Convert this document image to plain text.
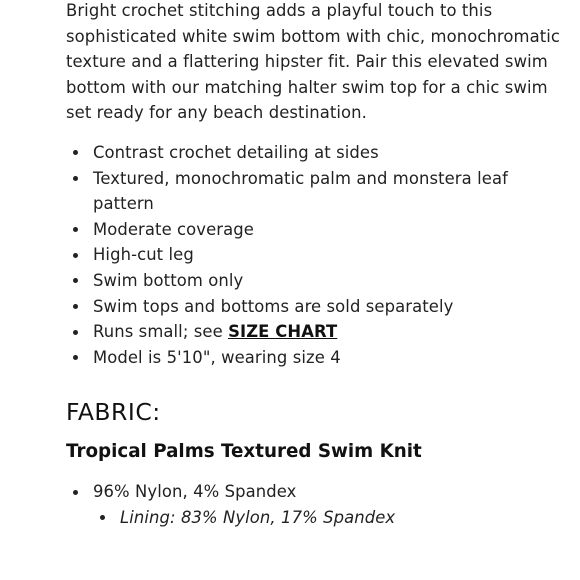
Bright crochet stitching adds a playful touch to this sophisticated white swim bottom with chic, monochromatic texture and a flattering hipster fit. Pair this elevated swim bottom with our matching halter swim top for a chic swim set ready for any beach destination.

Contrast crochet detailing at sides
Textured, monochromatic palm and monstera leaf pattern
Moderate coverage
High-cut leg
Swim bottom only
Swim tops and bottoms are sold separately
Runs small; see SIZE CHART
Model is 5'10", wearing size 4
FABRIC:
Tropical Palms Textured Swim Knit
96% Nylon, 4% Spandex
Lining: 83% Nylon, 17% Spandex
